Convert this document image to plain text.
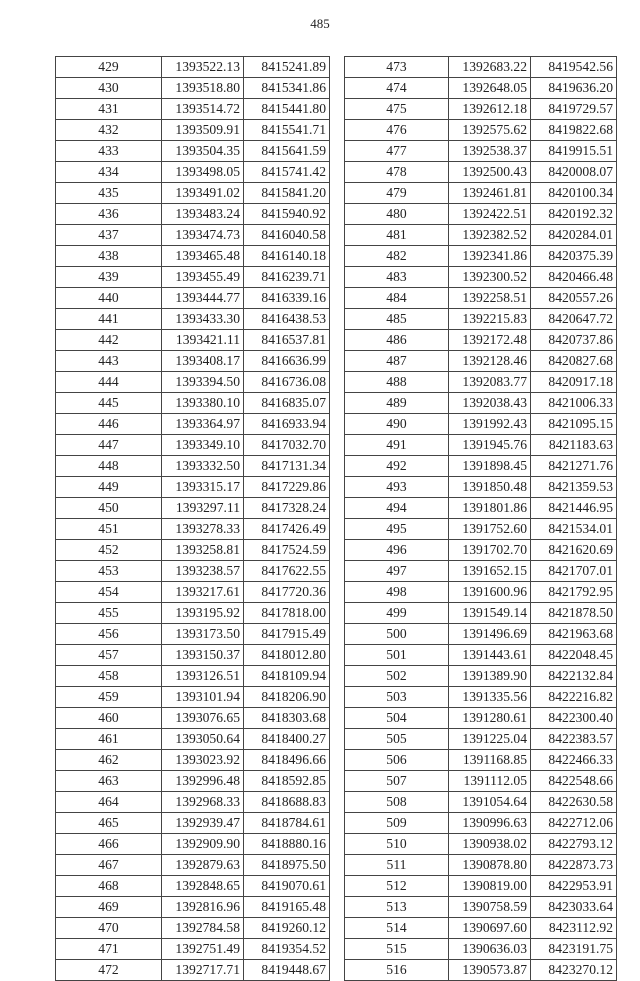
485
429	1393522.13	8415241.89
430	1393518.80	8415341.86
431	1393514.72	8415441.80
432	1393509.91	8415541.71
433	1393504.35	8415641.59
434	1393498.05	8415741.42
435	1393491.02	8415841.20
436	1393483.24	8415940.92
437	1393474.73	8416040.58
438	1393465.48	8416140.18
439	1393455.49	8416239.71
440	1393444.77	8416339.16
441	1393433.30	8416438.53
442	1393421.11	8416537.81
443	1393408.17	8416636.99
444	1393394.50	8416736.08
445	1393380.10	8416835.07
446	1393364.97	8416933.94
447	1393349.10	8417032.70
448	1393332.50	8417131.34
449	1393315.17	8417229.86
450	1393297.11	8417328.24
451	1393278.33	8417426.49
452	1393258.81	8417524.59
453	1393238.57	8417622.55
454	1393217.61	8417720.36
455	1393195.92	8417818.00
456	1393173.50	8417915.49
457	1393150.37	8418012.80
458	1393126.51	8418109.94
459	1393101.94	8418206.90
460	1393076.65	8418303.68
461	1393050.64	8418400.27
462	1393023.92	8418496.66
463	1392996.48	8418592.85
464	1392968.33	8418688.83
465	1392939.47	8418784.61
466	1392909.90	8418880.16
467	1392879.63	8418975.50
468	1392848.65	8419070.61
469	1392816.96	8419165.48
470	1392784.58	8419260.12
471	1392751.49	8419354.52
472	1392717.71	8419448.67
473	1392683.22	8419542.56
474	1392648.05	8419636.20
475	1392612.18	8419729.57
476	1392575.62	8419822.68
477	1392538.37	8419915.51
478	1392500.43	8420008.07
479	1392461.81	8420100.34
480	1392422.51	8420192.32
481	1392382.52	8420284.01
482	1392341.86	8420375.39
483	1392300.52	8420466.48
484	1392258.51	8420557.26
485	1392215.83	8420647.72
486	1392172.48	8420737.86
487	1392128.46	8420827.68
488	1392083.77	8420917.18
489	1392038.43	8421006.33
490	1391992.43	8421095.15
491	1391945.76	8421183.63
492	1391898.45	8421271.76
493	1391850.48	8421359.53
494	1391801.86	8421446.95
495	1391752.60	8421534.01
496	1391702.70	8421620.69
497	1391652.15	8421707.01
498	1391600.96	8421792.95
499	1391549.14	8421878.50
500	1391496.69	8421963.68
501	1391443.61	8422048.45
502	1391389.90	8422132.84
503	1391335.56	8422216.82
504	1391280.61	8422300.40
505	1391225.04	8422383.57
506	1391168.85	8422466.33
507	1391112.05	8422548.66
508	1391054.64	8422630.58
509	1390996.63	8422712.06
510	1390938.02	8422793.12
511	1390878.80	8422873.73
512	1390819.00	8422953.91
513	1390758.59	8423033.64
514	1390697.60	8423112.92
515	1390636.03	8423191.75
516	1390573.87	8423270.12
